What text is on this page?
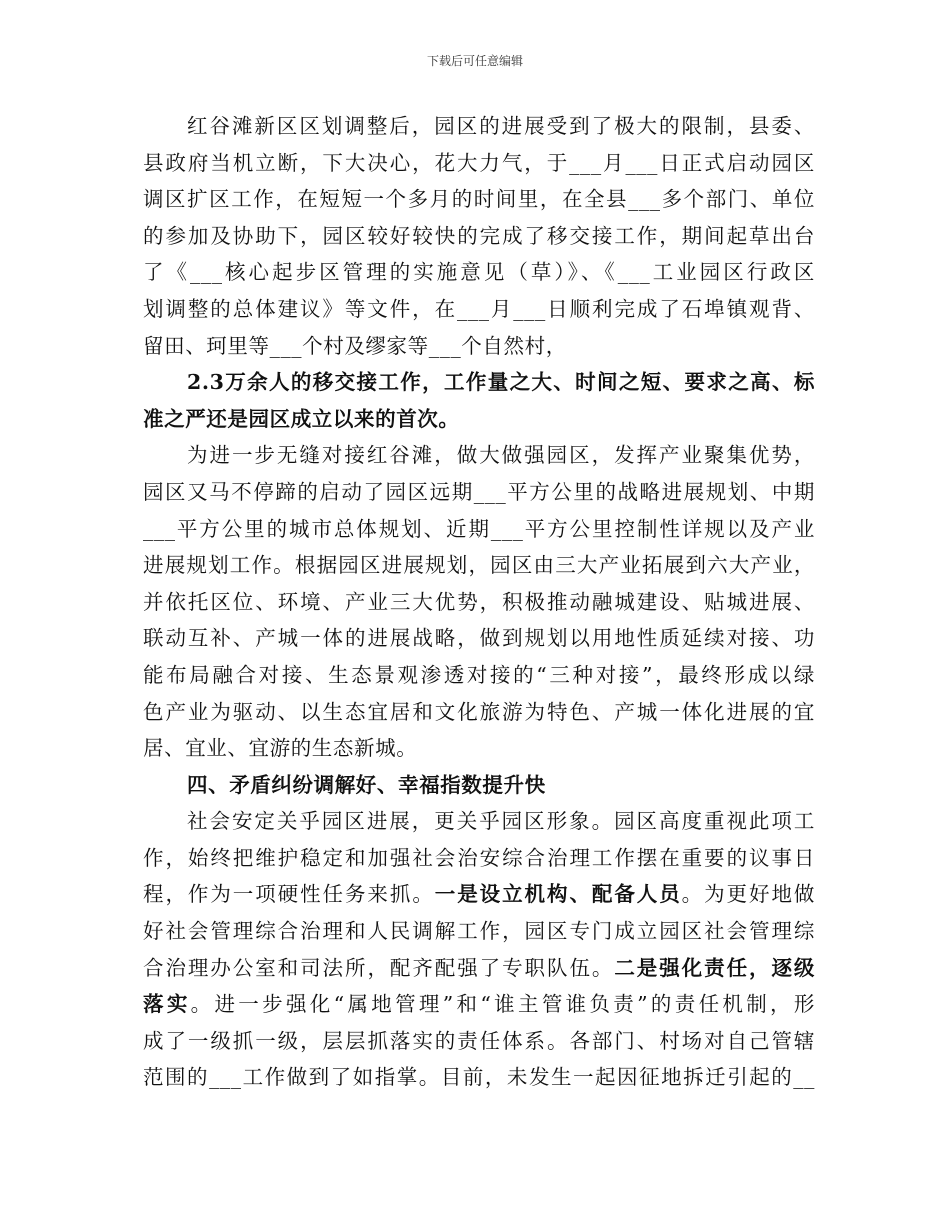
下载后可任意编辑
红谷滩新区区划调整后，园区的进展受到了极大的限制，县委、
县政府当机立断，下大决心，花大力气，于___月___日正式启动园区
调区扩区工作，在短短一个多月的时间里，在全县___多个部门、单位
的参加及协助下，园区较好较快的完成了移交接工作，期间起草出台
了《___核心起步区管理的实施意见（草）》、《___工业园区行政区
划调整的总体建议》等文件，在___月___日顺利完成了石埠镇观背、
留田、珂里等___个村及缪家等___个自然村，
2.3万余人的移交接工作，工作量之大、时间之短、要求之高、标
准之严还是园区成立以来的首次。
为进一步无缝对接红谷滩，做大做强园区，发挥产业聚集优势，
园区又马不停蹄的启动了园区远期___平方公里的战略进展规划、中期
___平方公里的城市总体规划、近期___平方公里控制性详规以及产业
进展规划工作。根据园区进展规划，园区由三大产业拓展到六大产业，
并依托区位、环境、产业三大优势，积极推动融城建设、贴城进展、
联动互补、产城一体的进展战略，做到规划以用地性质延续对接、功
能布局融合对接、生态景观渗透对接的“三种对接”，最终形成以绿
色产业为驱动、以生态宜居和文化旅游为特色、产城一体化进展的宜
居、宜业、宜游的生态新城。
四、矛盾纠纷调解好、幸福指数提升快
社会安定关乎园区进展，更关乎园区形象。园区高度重视此项工
作，始终把维护稳定和加强社会治安综合治理工作摆在重要的议事日
程，作为一项硬性任务来抓。一是设立机构、配备人员。为更好地做
好社会管理综合治理和人民调解工作，园区专门成立园区社会管理综
合治理办公室和司法所，配齐配强了专职队伍。二是强化责任，逐级
落实。进一步强化“属地管理”和“谁主管谁负责”的责任机制，形
成了一级抓一级，层层抓落实的责任体系。各部门、村场对自己管辖
范围的___工作做到了如指掌。目前，未发生一起因征地拆迁引起的__
